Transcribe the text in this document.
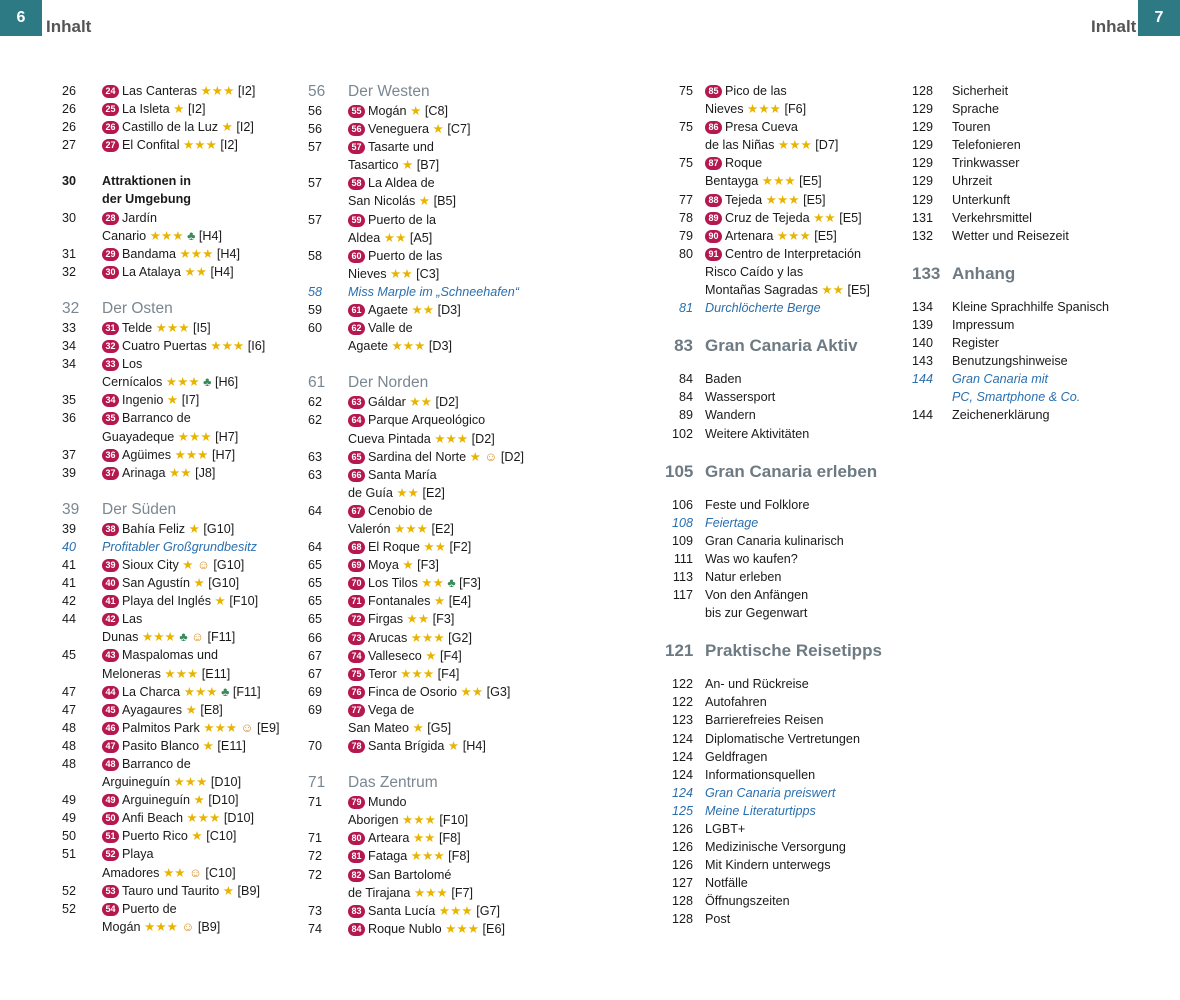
6	Inhalt	Inhalt	7
26	24 Las Canteras ★★★ [I2]
26	25 La Isleta ★ [I2]
26	26 Castillo de la Luz ★ [I2]
27	27 El Confital ★★★ [I2]
30	Attraktionen in
der Umgebung
30	28 Jardín
Canario ★★★ ♣ [H4]
31	29 Bandama ★★★ [H4]
32	30 La Atalaya ★★ [H4]
32	Der Osten
33	31 Telde ★★★ [I5]
34	32 Cuatro Puertas ★★★ [I6]
34	33 Los
Cernícalos ★★★ ♣ [H6]
35	34 Ingenio ★ [I7]
36	35 Barranco de
Guayadeque ★★★ [H7]
37	36 Agüimes ★★★ [H7]
39	37 Arinaga ★★ [J8]
39	Der Süden
39	38 Bahía Feliz ★ [G10]
40	Profitabler Großgrundbesitz
41	39 Sioux City ★ ☺ [G10]
41	40 San Agustín ★ [G10]
42	41 Playa del Inglés ★ [F10]
44	42 Las
Dunas ★★★ ♣ ☺ [F11]
45	43 Maspalomas und
Meloneras ★★★ [E11]
47	44 La Charca ★★★ ♣ [F11]
47	45 Ayagaures ★ [E8]
48	46 Palmitos Park ★★★ ☺ [E9]
48	47 Pasito Blanco ★ [E11]
48	48 Barranco de
Arguineguín ★★★ [D10]
49	49 Arguineguín ★ [D10]
49	50 Anfi Beach ★★★ [D10]
50	51 Puerto Rico ★ [C10]
51	52 Playa
Amadores ★★ ☺ [C10]
52	53 Tauro und Taurito ★ [B9]
52	54 Puerto de
Mogán ★★★ ☺ [B9]
56	Der Westen
56	55 Mogán ★ [C8]
56	56 Veneguera ★ [C7]
57	57 Tasarte und
Tasartico ★ [B7]
57	58 La Aldea de
San Nicolás ★ [B5]
57	59 Puerto de la
Aldea ★★ [A5]
58	60 Puerto de las
Nieves ★★ [C3]
58	Miss Marple im „Schneehafen“
59	61 Agaete ★★ [D3]
60	62 Valle de
Agaete ★★★ [D3]
61	Der Norden
62	63 Gáldar ★★ [D2]
62	64 Parque Arqueológico
Cueva Pintada ★★★ [D2]
63	65 Sardina del Norte ★ ☺ [D2]
63	66 Santa María
de Guía ★★ [E2]
64	67 Cenobio de
Valerón ★★★ [E2]
64	68 El Roque ★★ [F2]
65	69 Moya ★ [F3]
65	70 Los Tilos ★★ ♣ [F3]
65	71 Fontanales ★ [E4]
65	72 Firgas ★★ [F3]
66	73 Arucas ★★★ [G2]
67	74 Valleseco ★ [F4]
67	75 Teror ★★★ [F4]
69	76 Finca de Osorio ★★ [G3]
69	77 Vega de
San Mateo ★ [G5]
70	78 Santa Brígida ★ [H4]
71	Das Zentrum
71	79 Mundo
Aborigen ★★★ [F10]
71	80 Arteara ★★ [F8]
72	81 Fataga ★★★ [F8]
72	82 San Bartolomé
de Tirajana ★★★ [F7]
73	83 Santa Lucía ★★★ [G7]
74	84 Roque Nublo ★★★ [E6]
75	85 Pico de las
Nieves ★★★ [F6]
75	86 Presa Cueva
de las Niñas ★★★ [D7]
75	87 Roque
Bentayga ★★★ [E5]
77	88 Tejeda ★★★ [E5]
78	89 Cruz de Tejeda ★★ [E5]
79	90 Artenara ★★★ [E5]
80	91 Centro de Interpretación
Risco Caído y las
Montañas Sagradas ★★ [E5]
81 Durchlöcherte Berge
83 Gran Canaria Aktiv
84 Baden
84 Wassersport
89 Wandern
102 Weitere Aktivitäten
105 Gran Canaria erleben
106 Feste und Folklore
108 Feiertage
109 Gran Canaria kulinarisch
111 Was wo kaufen?
113 Natur erleben
117 Von den Anfängen
bis zur Gegenwart
121 Praktische Reisetipps
122 An- und Rückreise
122 Autofahren
123 Barrierefreies Reisen
124 Diplomatische Vertretungen
124 Geldfragen
124 Informationsquellen
124 Gran Canaria preiswert
125 Meine Literaturtipps
126 LGBT+
126 Medizinische Versorgung
126 Mit Kindern unterwegs
127 Notfälle
128 Öffnungszeiten
128 Post
128	Sicherheit
129	Sprache
129	Touren
129	Telefonieren
129	Trinkwasser
129	Uhrzeit
129	Unterkunft
131	Verkehrsmittel
132	Wetter und Reisezeit
133 Anhang
134	Kleine Sprachhilfe Spanisch
139	Impressum
140	Register
143	Benutzungshinweise
144	Gran Canaria mit
PC, Smartphone & Co.
144	Zeichenerklärung
